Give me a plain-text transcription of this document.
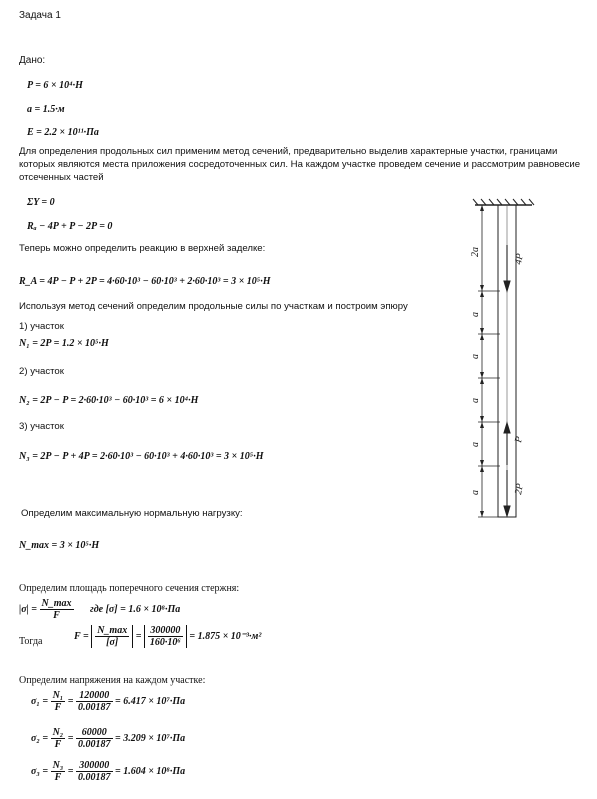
Задача 1
Дано:
P = 6 × 10⁴·H
a = 1.5·м
E = 2.2 × 10¹¹·Па
Для определения продольных сил применим метод сечений, предварительно выделив характерные участки, границами которых являются места приложения сосредоточенных сил. На каждом участке проведем сечение и рассмотрим равновесие отсеченных частей
ΣY = 0
Rₐ − 4P + P − 2P = 0
Теперь можно определить реакцию в верхней заделке:
R_A = 4P − P + 2P = 4·60·10³ − 60·10³ + 2·60·10³ = 3 × 10⁵·H
Используя метод сечений определим продольные силы по участкам и построим эпюру
1) участок
N₁ = 2P = 1.2 × 10⁵·H
2) участок
N₂ = 2P − P = 2·60·10³ − 60·10³ = 6 × 10⁴·H
3) участок
N₃ = 2P − P + 4P = 2·60·10³ − 60·10³ + 4·60·10³ = 3 × 10⁵·H
Определим максимальную нормальную нагрузку:
N_max = 3 × 10⁵·H
Определим площадь поперечного сечения стержня:
$|\sigma| = \frac{N\_\max}{F}$ где [σ] = 1.6 × 10⁸·Па
Тогда	$F = \frac{N\_\max}{[\sigma]} = \frac{300000}{\text{160·10⁶}} = 1.875 \times 10^{-3}\cdot м^2$
Определим напряжения на каждом участке:
$\sigma_1 = \frac{\text{N₁}}{F} = \frac{120000}{0.00187} = 6.417 \times 10^7\cdot Па$
$\sigma_2 = \frac{\text{N₂}}{F} = \frac{60000}{0.00187} = 3.209 \times 10^7\cdot Па$
$\sigma_3 = \frac{\text{N₃}}{F} = \frac{300000}{0.00187} = 1.604 \times 10^8\cdot Па$
2a
a
a
a
a
a
4P
P
2P
